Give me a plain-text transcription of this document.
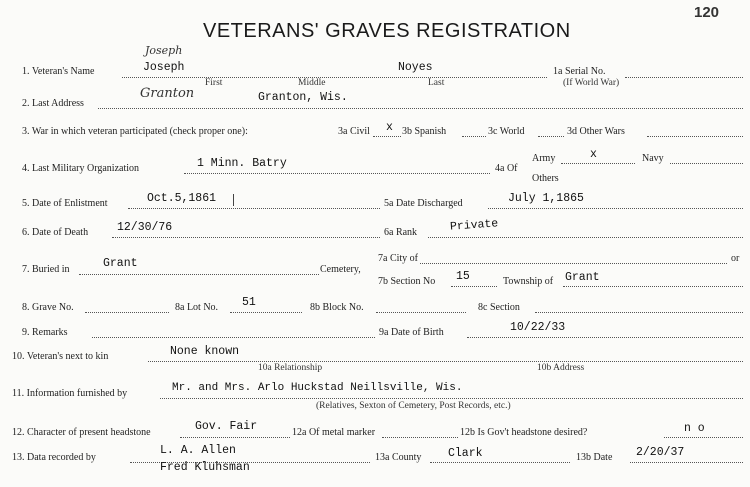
VETERANS' GRAVES REGISTRATION
120
Joseph
1. Veteran's Name	Joseph	Noyes
First	Middle	Last
1a Serial No.
(If World War)
2. Last Address
Granton	Granton, Wis.
3. War in which veteran participated (check proper one):	3a Civil x 3b Spanish	3c World	3d Other Wars
4. Last Military Organization	1 Minn. Batry	4a Of
Army	x	Navy
Others
5. Date of Enlistment	Oct.5,1861	5a Date Discharged	July 1,1865
6. Date of Death	12/30/76	6a Rank	Private
7. Buried in	Grant	Cemetery,
7a City of	or
7b Section No 15	Township of Grant
8. Grave No.	8a Lot No. 51	8b Block No.	8c Section
9. Remarks	9a Date of Birth	10/22/33
10. Veteran's next to kin	None known
10a Relationship	10b Address
11. Information furnished by	Mr. and Mrs. Arlo Huckstad Neillsville, Wis.
(Relatives, Sexton of Cemetery, Post Records, etc.)
12. Character of present headstone	Gov. Fair	12a Of metal marker	12b Is Gov't headstone desired?	n o
13. Data recorded by
L. A. Allen
Fred Kluhsman
13a County Clark	13b Date 2/20/37
